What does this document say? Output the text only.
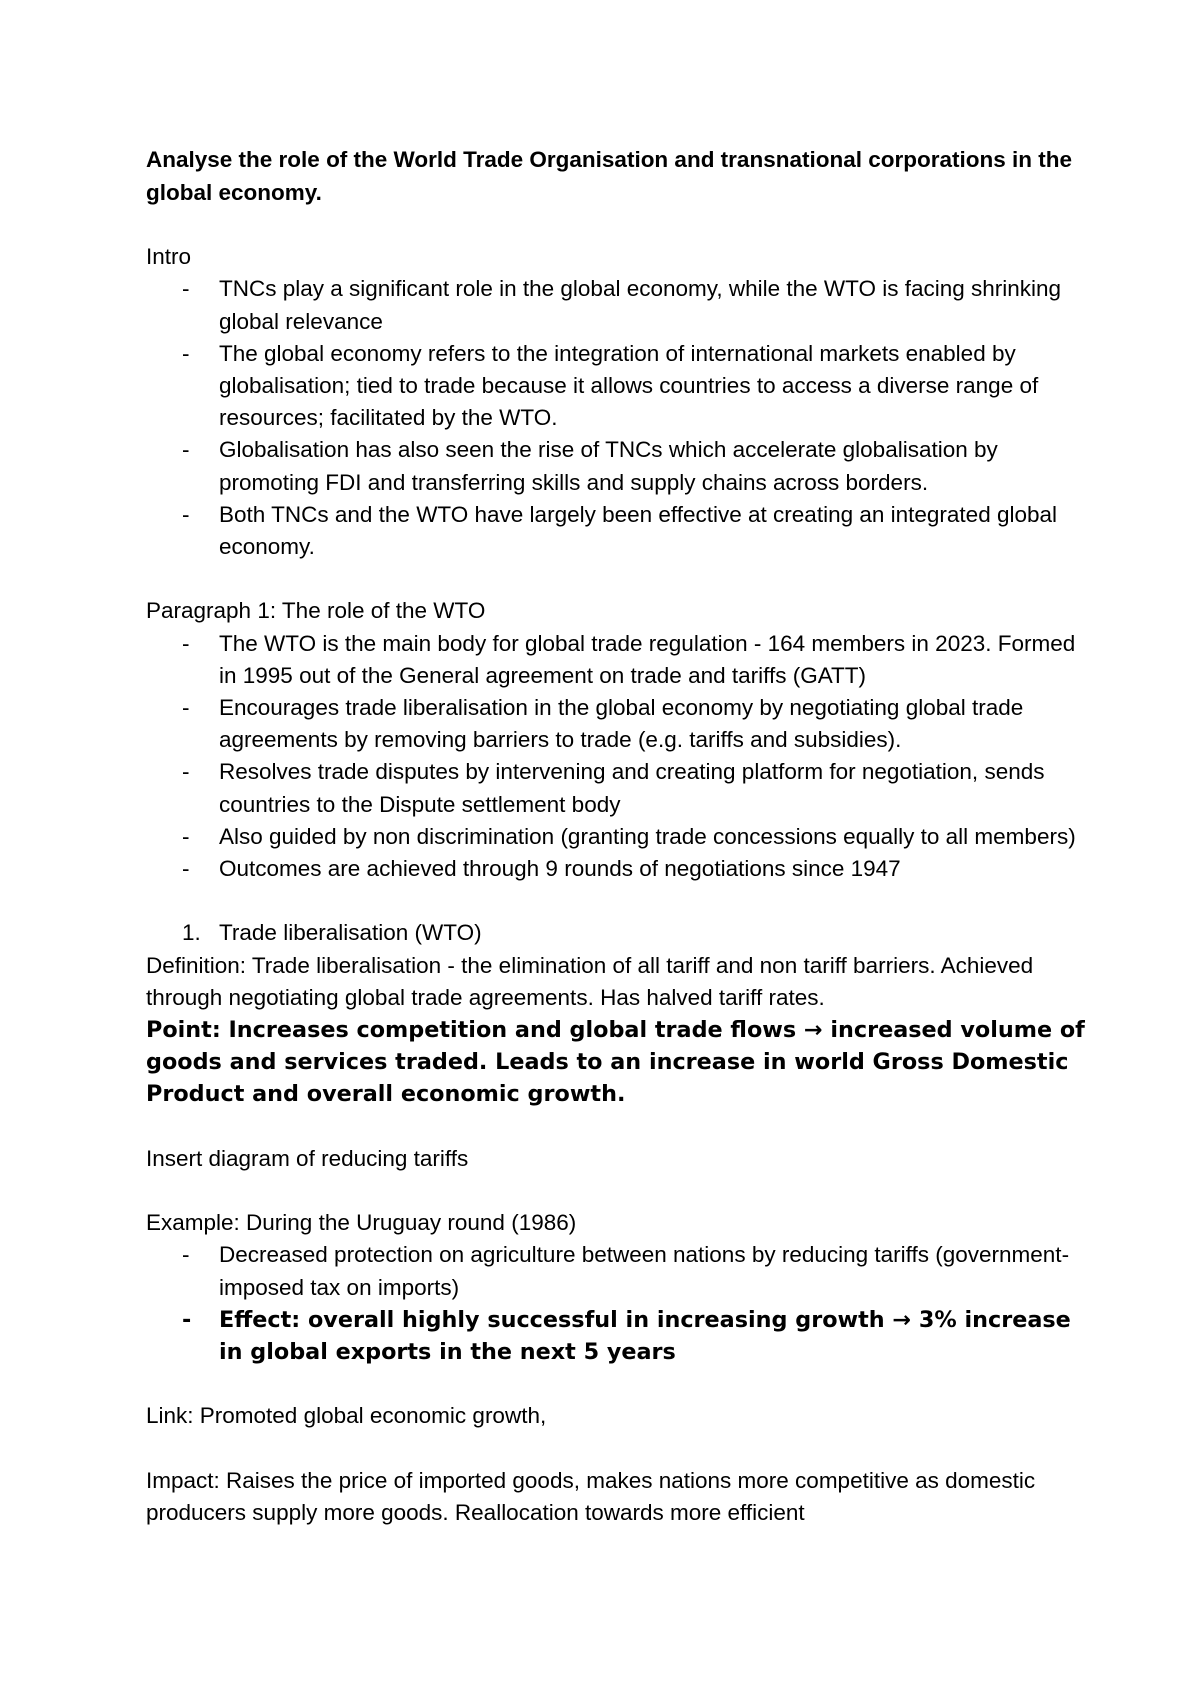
Analyse the role of the World Trade Organisation and transnational corporations in the global economy.

Intro

- TNCs play a significant role in the global economy, while the WTO is facing shrinking global relevance
- The global economy refers to the integration of international markets enabled by globalisation; tied to trade because it allows countries to access a diverse range of resources; facilitated by the WTO.
- Globalisation has also seen the rise of TNCs which accelerate globalisation by promoting FDI and transferring skills and supply chains across borders.
- Both TNCs and the WTO have largely been effective at creating an integrated global economy.

Paragraph 1: The role of the WTO

- The WTO is the main body for global trade regulation - 164 members in 2023. Formed in 1995 out of the General agreement on trade and tariffs (GATT)
- Encourages trade liberalisation in the global economy by negotiating global trade agreements by removing barriers to trade (e.g. tariffs and subsidies).
- Resolves trade disputes by intervening and creating platform for negotiation, sends countries to the Dispute settlement body
- Also guided by non discrimination (granting trade concessions equally to all members)
- Outcomes are achieved through 9 rounds of negotiations since 1947
1. Trade liberalisation (WTO)

Definition: Trade liberalisation - the elimination of all tariff and non tariff barriers. Achieved through negotiating global trade agreements. Has halved tariff rates.

Point: Increases competition and global trade flows → increased volume of goods and services traded. Leads to an increase in world Gross Domestic Product and overall economic growth.

Insert diagram of reducing tariffs

Example: During the Uruguay round (1986)

- Decreased protection on agriculture between nations by reducing tariffs (government-imposed tax on imports)
- Effect: overall highly successful in increasing growth → 3% increase in global exports in the next 5 years

Link: Promoted global economic growth,

Impact: Raises the price of imported goods, makes nations more competitive as domestic producers supply more goods. Reallocation towards more efficient
